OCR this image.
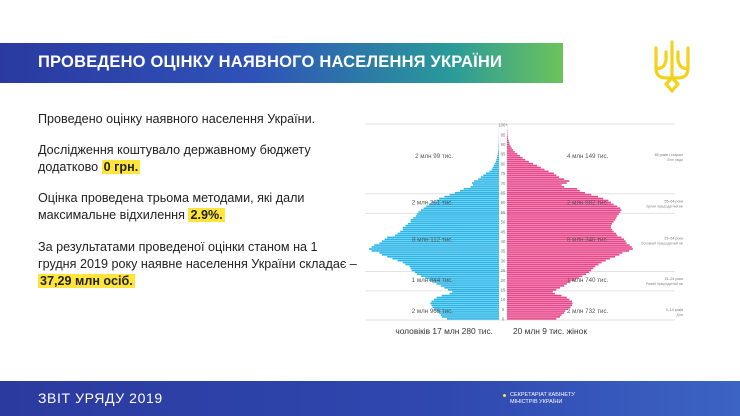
ПРОВЕДЕНО ОЦІНКУ НАЯВНОГО НАСЕЛЕННЯ УКРАЇНИ
Проведено оцінку наявного населення України.
Дослідження коштувало державному бюджету додатково 0 грн.
Оцінка проведена трьома методами, які дали максимальне відхилення 2.9%.
За результатами проведеної оцінки станом на 1 грудня 2019 року наявне населення України складає – 37,29 млн осіб.
0
5
10
15
20
25
30
35
40
45
50
55
60
65
70
75
80
85
90
95
100+
2 млн 965 тис.	2 млн 732 тис.	0–14 років
Діти
1 млн 844 тис.	1 млн 740 тис.	15–24 роки
Ранній працездатний вік
8 млн 112 тис.	8 млн 346 тис.	25–54 роки
Основний працездатний вік
2 млн 261 тис.	2 млн 982 тис.	55–64 роки
Зрілий працездатний вік
2 млн 99 тис.	4 млн 149 тис.	65 років і старше
Літні люди
чоловіків 17 млн 280 тис. 20 млн 9 тис. жінок
ЗВІТ УРЯДУ 2019	СЕКРЕТАРІАТ КАБІНЕТУ
МІНІСТРІВ УКРАЇНИ
